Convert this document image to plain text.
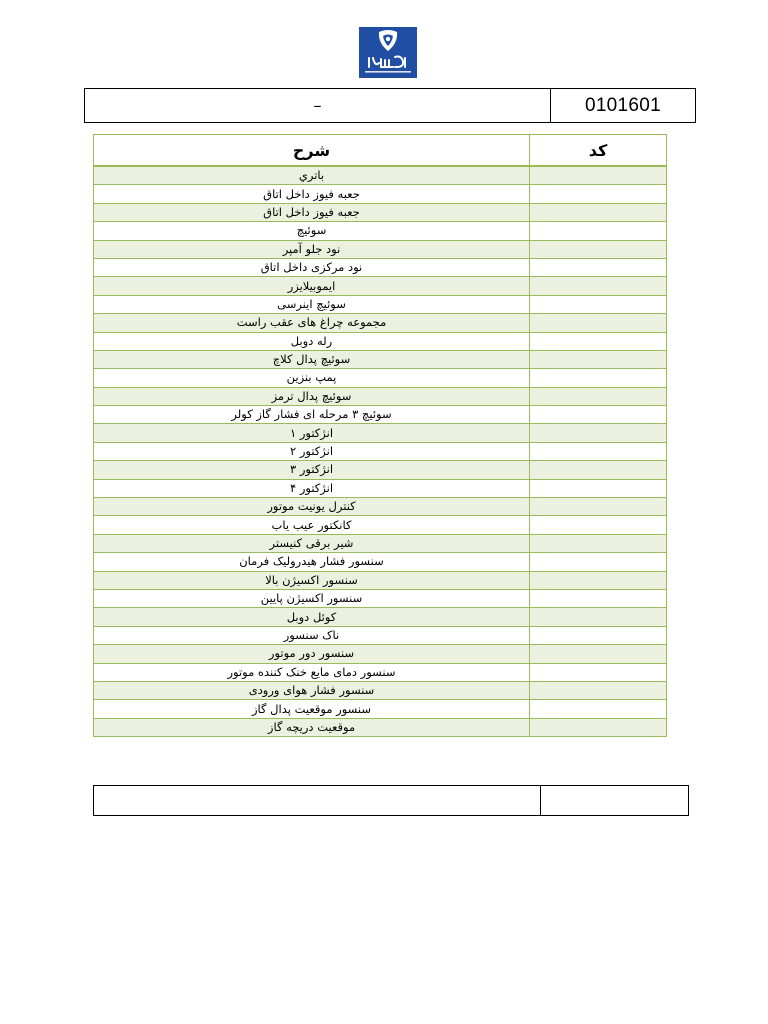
–	0101601
شرح	کد
باتري	
جعبه فیوز داخل اتاق	
جعبه فیوز داخل اتاق	
سوئیچ	
نود جلو آمپر	
نود مرکزی داخل اتاق	
ایموبیلایزر	
سوئیچ اینرسی	
مجموعه چراغ های عقب راست	
رله دوبل	
سوئیچ پدال کلاچ	
پمپ بنزین	
سوئیچ پدال ترمز	
سوئیچ ۳ مرحله ای فشار گاز کولر	
انژکتور ۱	
انژکتور ۲	
انژکتور ۳	
انژکتور ۴	
کنترل یونیت موتور	
کانکتور عیب یاب	
شیر برقی کنیستر	
سنسور فشار هیدرولیک فرمان	
سنسور اکسیژن بالا	
سنسور اکسیژن پایین	
کوئل دوبل	
ناک سنسور	
سنسور دور موتور	
سنسور دمای مایع خنک کننده موتور	
سنسور فشار هوای ورودی	
سنسور موقعیت پدال گاز	
موقعیت دریچه گاز	
